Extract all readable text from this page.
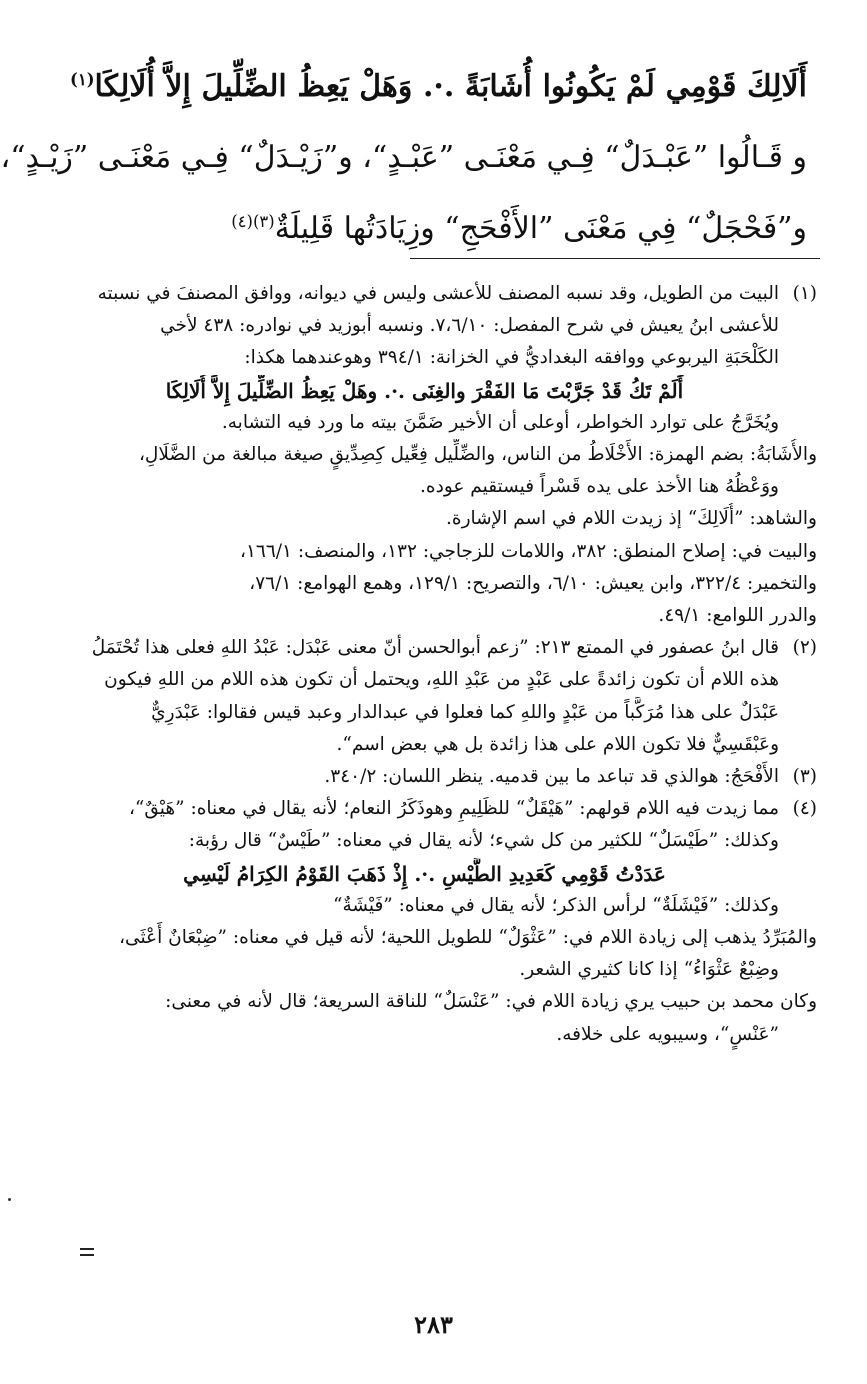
أَلَالِكَ قَوْمِي لَمْ يَكُونُوا أُشَابَةً .·. وَهَلْ يَعِظُ الضِّلِّيلَ إِلاَّ أُلَالِكَا$^{(١)}$
و قَـالُوا ”عَبْـدَلٌ“ فِـي مَعْنَـى ”عَبْـدٍ“، و”زَيْـدَلٌ“ فِـي مَعْنَـى ”زَيْـدٍ“،
و”فَحْجَلٌ“ فِي مَعْنَى ”الأَفْحَجِ“ وزِيَادَتُها قَلِيلَةٌ$^{(٣)(٤)}$
(١)
البيت من الطويل، وقد نسبه المصنف للأعشى وليس في ديوانه، ووافق المصنفَ في نسبته
للأعشى ابنُ يعيش في شرح المفصل: ٧،٦/١٠. ونسبه أبوزيد في نوادره: ٤٣٨ لأخي
الكَلْحَبَةِ اليربوعي ووافقه البغداديُّ في الخزانة: ٣٩٤/١ وهوعندهما هكذا:
أَلَمْ تَكُ قَدْ جَرَّبْتَ مَا الفَقْرَ والغِنَى .·. وهَلْ يَعِظُ الضِّلِّيلَ إِلاَّ أُلَالِكَا
ويُخَرَّجُ على توارد الخواطر، أوعلى أن الأخير ضَمَّنَ بيته ما ورد فيه التشابه.
والأُشَابَةُ: بضم الهمزة: الأَخْلَاطُ من الناس، والضِّلِّيل فِعِّيل كِصِدِّيقٍ صيغة مبالغة من الضَّلَالِ،
ووَعْظُهُ هنا الأخذ على يده قَسْراً فيستقيم عوده.
والشاهد: ”أُلَالِكَ“ إذ زيدت اللام في اسم الإشارة.
والبيت في: إصلاح المنطق: ٣٨٢، واللامات للزجاجي: ١٣٢، والمنصف: ١٦٦/١،
والتخمير: ٣٢٢/٤، وابن يعيش: ٦/١٠، والتصريح: ١٢٩/١، وهمع الهوامع: ٧٦/١،
والدرر اللوامع: ٤٩/١.
(٢)
قال ابنُ عصفور في الممتع ٢١٣: ”زعم أبوالحسن أنّ معنى عَبْدَل: عَبْدُ اللهِ فعلى هذا تُحْتَمَلُ
هذه اللام أن تكون زائدةً على عَبْدٍ من عَبْدِ اللهِ، ويحتمل أن تكون هذه اللام من اللهِ فيكون
عَبْدَلٌ على هذا مُرَكَّباً من عَبْدٍ واللهِ كما فعلوا في عبدالدار وعبد قيس فقالوا: عَبْدَرِيٌّ
وعَبْقَسِيٌّ فلا تكون اللام على هذا زائدة بل هي بعض اسم“.
(٣)
الأَفْحَجُ: هوالذي قد تباعد ما بين قدميه. ينظر اللسان: ٣٤٠/٢.
(٤)
مما زيدت فيه اللام قولهم: ”هَيْقَلٌ“ للظَلِيمِ وهوذَكَرُ النعام؛ لأنه يقال في معناه: ”هَيْقٌ“،
وكذلك: ”طَيْسَلٌ“ للكثير من كل شيء؛ لأنه يقال في معناه: ”طَيْسٌ“ قال رؤبة:
عَدَدْتُ قَوْمِي كَعَدِيدِ الطَّيْسِ .·. إِذْ ذَهَبَ القَوْمُ الكِرَامُ لَيْسِي
وكذلك: ”فَيْشَلَةٌ“ لرأس الذكر؛ لأنه يقال في معناه: ”فَيْشَةٌ“
والمُبَرِّدُ يذهب إلى زيادة اللام في: ”عَثْوَلٌ“ للطويل اللحية؛ لأنه قيل في معناه: ”ضِبْعَانٌ أَعْثَى،
وضِبْعٌ عَثْوَاءُ“ إذا كانا كثيري الشعر.
وكان محمد بن حبيب يري زيادة اللام في: ”عَنْسَلٌ“ للناقة السريعة؛ قال لأنه في معنى:
”عَنْسٍ“، وسيبويه على خلافه.
٢٨٣
